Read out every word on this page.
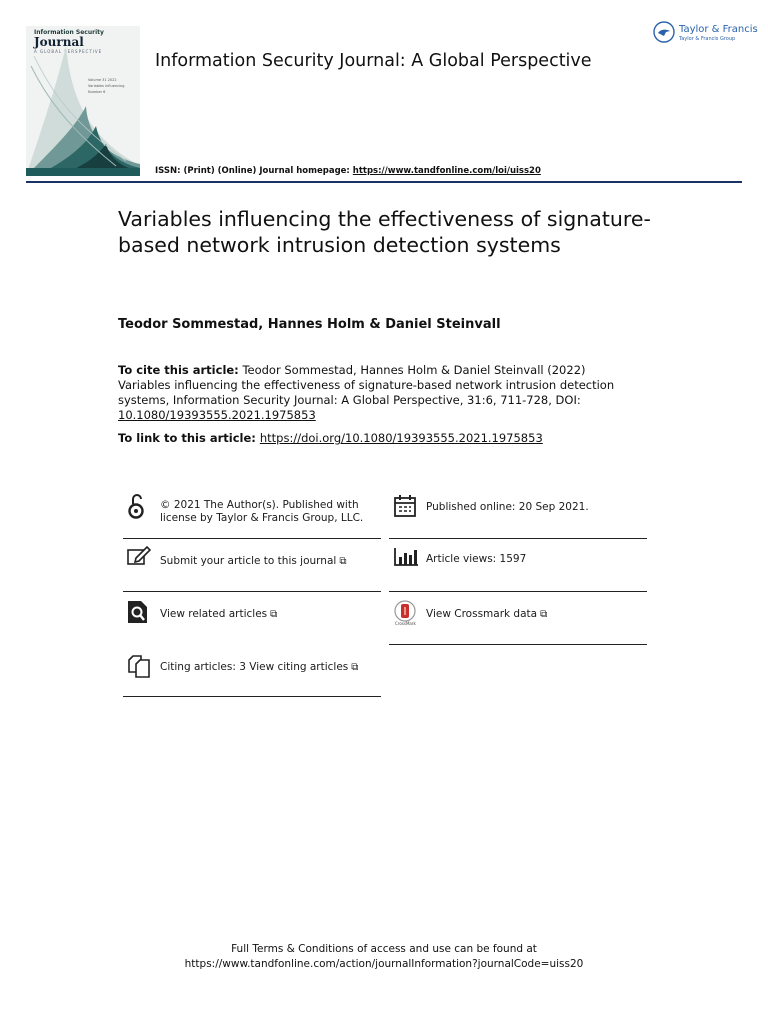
Information Security
Journal
A GLOBAL PERSPECTIVE
Volume 31 2022
Variables influencing
Number 6
Information Security Journal: A Global Perspective
Taylor & Francis
Taylor & Francis Group
ISSN: (Print) (Online) Journal homepage: https://www.tandfonline.com/loi/uiss20
Variables influencing the effectiveness of signature-based network intrusion detection systems
Teodor Sommestad, Hannes Holm & Daniel Steinvall
To cite this article: Teodor Sommestad, Hannes Holm & Daniel Steinvall (2022) Variables influencing the effectiveness of signature-based network intrusion detection systems, Information Security Journal: A Global Perspective, 31:6, 711-728, DOI: 10.1080/19393555.2021.1975853
To link to this article: https://doi.org/10.1080/19393555.2021.1975853
© 2021 The Author(s). Published with license by Taylor & Francis Group, LLC.
Published online: 20 Sep 2021.
Submit your article to this journal ⧉	Article views: 1597
View related articles ⧉
CrossMark
View Crossmark data ⧉
Citing articles: 3 View citing articles ⧉
Full Terms & Conditions of access and use can be found at
https://www.tandfonline.com/action/journalInformation?journalCode=uiss20
